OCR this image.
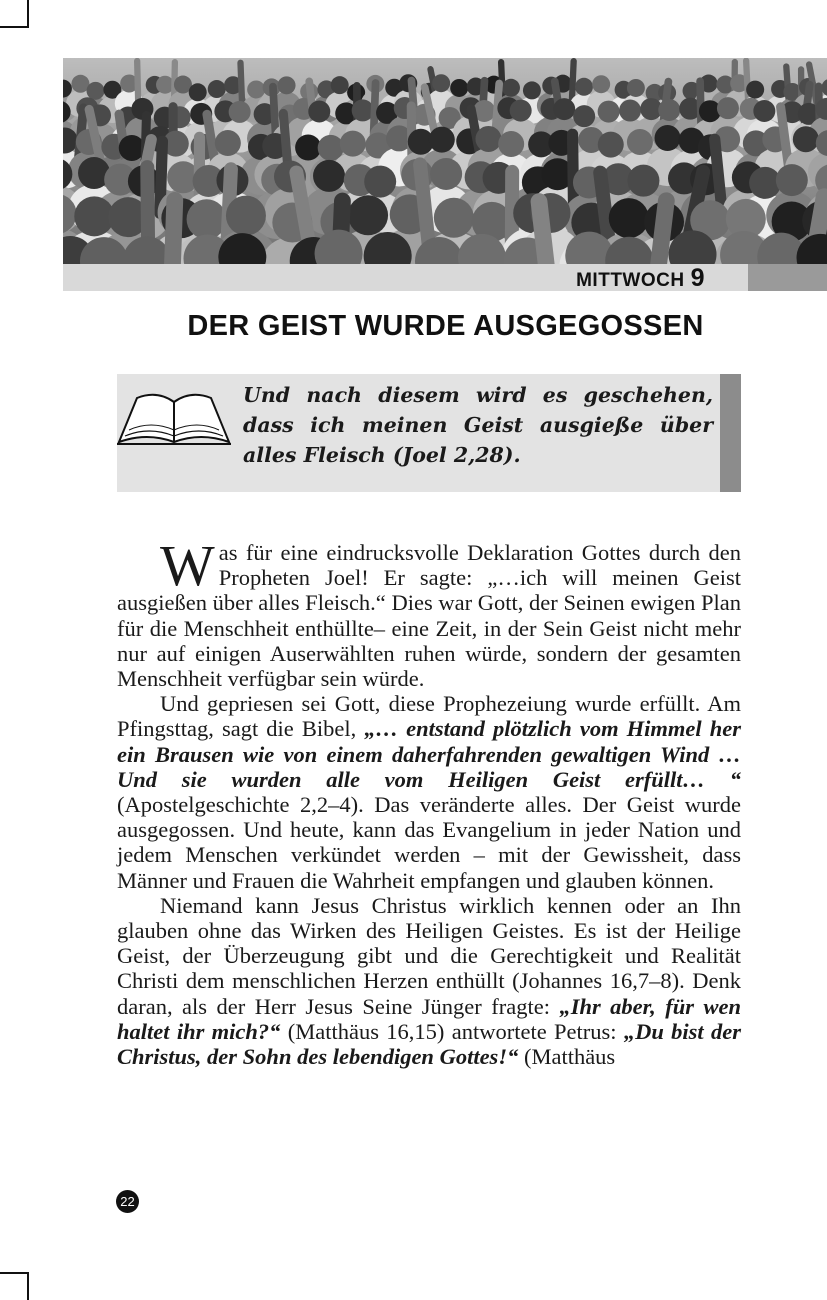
MITTWOCH 9
DER GEIST WURDE AUSGEGOSSEN
Und nach diesem wird es geschehen, dass ich meinen Geist ausgieße über alles Fleisch (Joel 2,28).

Was für eine eindrucksvolle Deklaration Gottes durch den Propheten Joel! Er sagte: „…ich will meinen Geist ausgießen über alles Fleisch.“ Dies war Gott, der Seinen ewigen Plan für die Menschheit enthüllte– eine Zeit, in der Sein Geist nicht mehr nur auf einigen Auserwählten ruhen würde, sondern der gesamten Menschheit verfügbar sein würde.

Und gepriesen sei Gott, diese Prophezeiung wurde erfüllt. Am Pfingsttag, sagt die Bibel, „… entstand plötzlich vom Himmel her ein Brausen wie von einem daherfahrenden gewaltigen Wind …Und sie wurden alle vom Heiligen Geist erfüllt… “ (Apostelgeschichte 2,2–4). Das veränderte alles. Der Geist wurde ausgegossen. Und heute, kann das Evangelium in jeder Nation und jedem Menschen verkündet werden – mit der Gewissheit, dass Männer und Frauen die Wahrheit empfangen und glauben können.

Niemand kann Jesus Christus wirklich kennen oder an Ihn glauben ohne das Wirken des Heiligen Geistes. Es ist der Heilige Geist, der Überzeugung gibt und die Gerechtigkeit und Realität Christi dem menschlichen Herzen enthüllt (Johannes 16,7–8). Denk daran, als der Herr Jesus Seine Jünger fragte: „Ihr aber, für wen haltet ihr mich?“ (Matthäus 16,15) antwortete Petrus: „Du bist der Christus, der Sohn des lebendigen Gottes!“ (Matthäus

22
